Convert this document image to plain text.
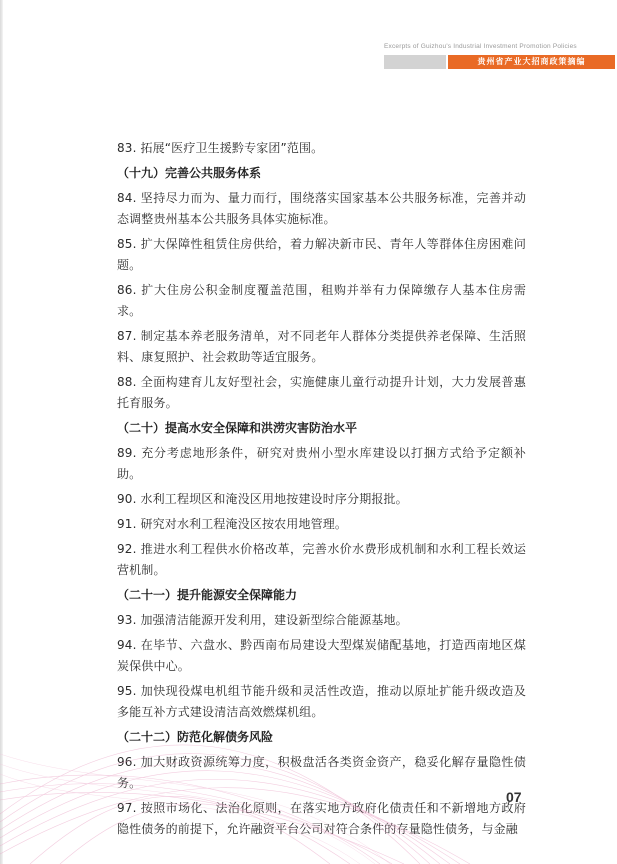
Excerpts of Guizhou's Industrial Investment Promotion Policies
贵州省产业大招商政策摘编

83. 拓展“医疗卫生援黔专家团”范围。

（十九）完善公共服务体系

84. 坚持尽力而为、量力而行，围绕落实国家基本公共服务标准，完善并动态调整贵州基本公共服务具体实施标准。

85. 扩大保障性租赁住房供给，着力解决新市民、青年人等群体住房困难问题。

86. 扩大住房公积金制度覆盖范围，租购并举有力保障缴存人基本住房需求。

87. 制定基本养老服务清单，对不同老年人群体分类提供养老保障、生活照料、康复照护、社会救助等适宜服务。

88. 全面构建育儿友好型社会，实施健康儿童行动提升计划，大力发展普惠托育服务。

（二十）提高水安全保障和洪涝灾害防治水平

89. 充分考虑地形条件，研究对贵州小型水库建设以打捆方式给予定额补助。

90. 水利工程坝区和淹没区用地按建设时序分期报批。

91. 研究对水利工程淹没区按农用地管理。

92. 推进水利工程供水价格改革，完善水价水费形成机制和水利工程长效运营机制。

（二十一）提升能源安全保障能力

93. 加强清洁能源开发利用，建设新型综合能源基地。

94. 在毕节、六盘水、黔西南布局建设大型煤炭储配基地，打造西南地区煤炭保供中心。

95. 加快现役煤电机组节能升级和灵活性改造，推动以原址扩能升级改造及多能互补方式建设清洁高效燃煤机组。

（二十二）防范化解债务风险

96. 加大财政资源统筹力度，积极盘活各类资金资产，稳妥化解存量隐性债务。

97. 按照市场化、法治化原则，在落实地方政府化债责任和不新增地方政府隐性债务的前提下，允许融资平台公司对符合条件的存量隐性债务，与金融

07
